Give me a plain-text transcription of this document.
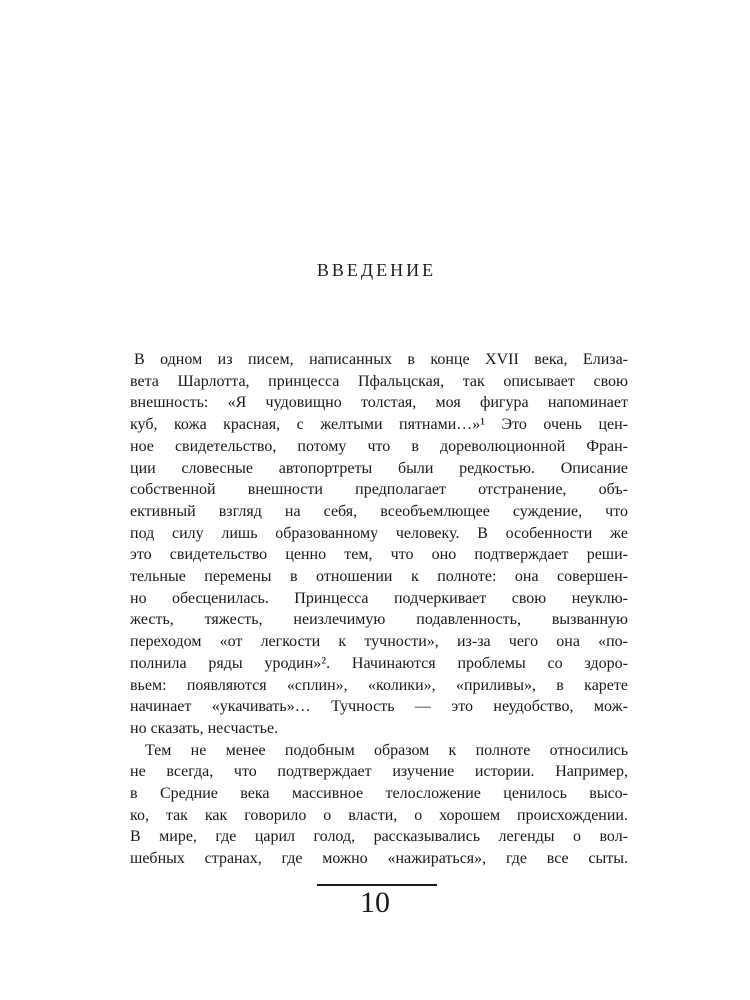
ВВЕДЕНИЕ
В одном из писем, написанных в конце XVII века, Елиза-
вета Шарлотта, принцесса Пфальцская, так описывает свою
внешность: «Я чудовищно толстая, моя фигура напоминает
куб, кожа красная, с желтыми пятнами…»¹ Это очень цен-
ное свидетельство, потому что в дореволюционной Фран-
ции словесные автопортреты были редкостью. Описание
собственной внешности предполагает отстранение, объ-
ективный взгляд на себя, всеобъемлющее суждение, что
под силу лишь образованному человеку. В особенности же
это свидетельство ценно тем, что оно подтверждает реши-
тельные перемены в отношении к полноте: она совершен-
но обесценилась. Принцесса подчеркивает свою неуклю-
жесть, тяжесть, неизлечимую подавленность, вызванную
переходом «от легкости к тучности», из-за чего она «по-
полнила ряды уродин»². Начинаются проблемы со здоро-
вьем: появляются «сплин», «колики», «приливы», в карете
начинает «укачивать»… Тучность — это неудобство, мож-
но сказать, несчастье.
Тем не менее подобным образом к полноте относились
не всегда, что подтверждает изучение истории. Например,
в Средние века массивное телосложение ценилось высо-
ко, так как говорило о власти, о хорошем происхождении.
В мире, где царил голод, рассказывались легенды о вол-
шебных странах, где можно «нажираться», где все сыты.
10
